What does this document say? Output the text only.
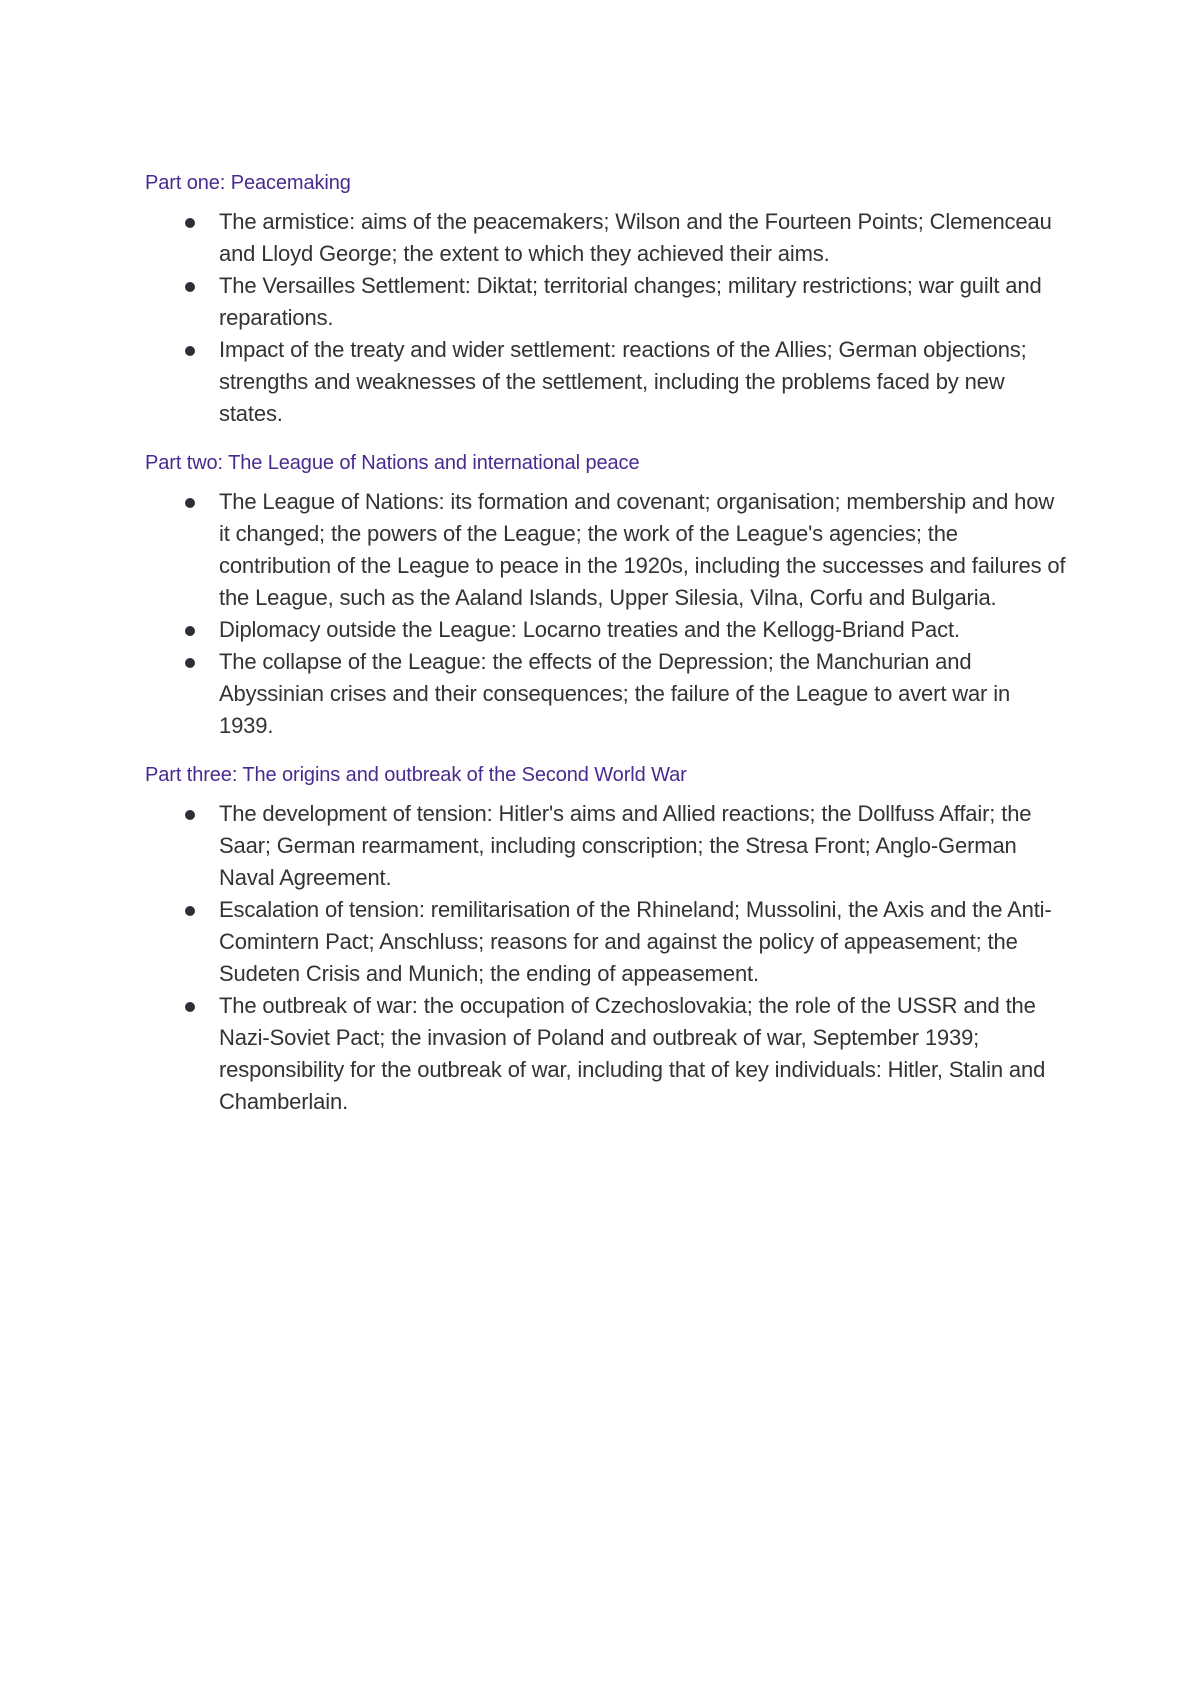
Part one: Peacemaking
The armistice: aims of the peacemakers; Wilson and the Fourteen Points; Clemenceau and Lloyd George; the extent to which they achieved their aims.
The Versailles Settlement: Diktat; territorial changes; military restrictions; war guilt and reparations.
Impact of the treaty and wider settlement: reactions of the Allies; German objections; strengths and weaknesses of the settlement, including the problems faced by new states.
Part two: The League of Nations and international peace
The League of Nations: its formation and covenant; organisation; membership and how it changed; the powers of the League; the work of the League's agencies; the contribution of the League to peace in the 1920s, including the successes and failures of the League, such as the Aaland Islands, Upper Silesia, Vilna, Corfu and Bulgaria.
Diplomacy outside the League: Locarno treaties and the Kellogg-Briand Pact.
The collapse of the League: the effects of the Depression; the Manchurian and Abyssinian crises and their consequences; the failure of the League to avert war in 1939.
Part three: The origins and outbreak of the Second World War
The development of tension: Hitler's aims and Allied reactions; the Dollfuss Affair; the Saar; German rearmament, including conscription; the Stresa Front; Anglo-German Naval Agreement.
Escalation of tension: remilitarisation of the Rhineland; Mussolini, the Axis and the Anti-Comintern Pact; Anschluss; reasons for and against the policy of appeasement; the Sudeten Crisis and Munich; the ending of appeasement.
The outbreak of war: the occupation of Czechoslovakia; the role of the USSR and the Nazi-Soviet Pact; the invasion of Poland and outbreak of war, September 1939; responsibility for the outbreak of war, including that of key individuals: Hitler, Stalin and Chamberlain.
